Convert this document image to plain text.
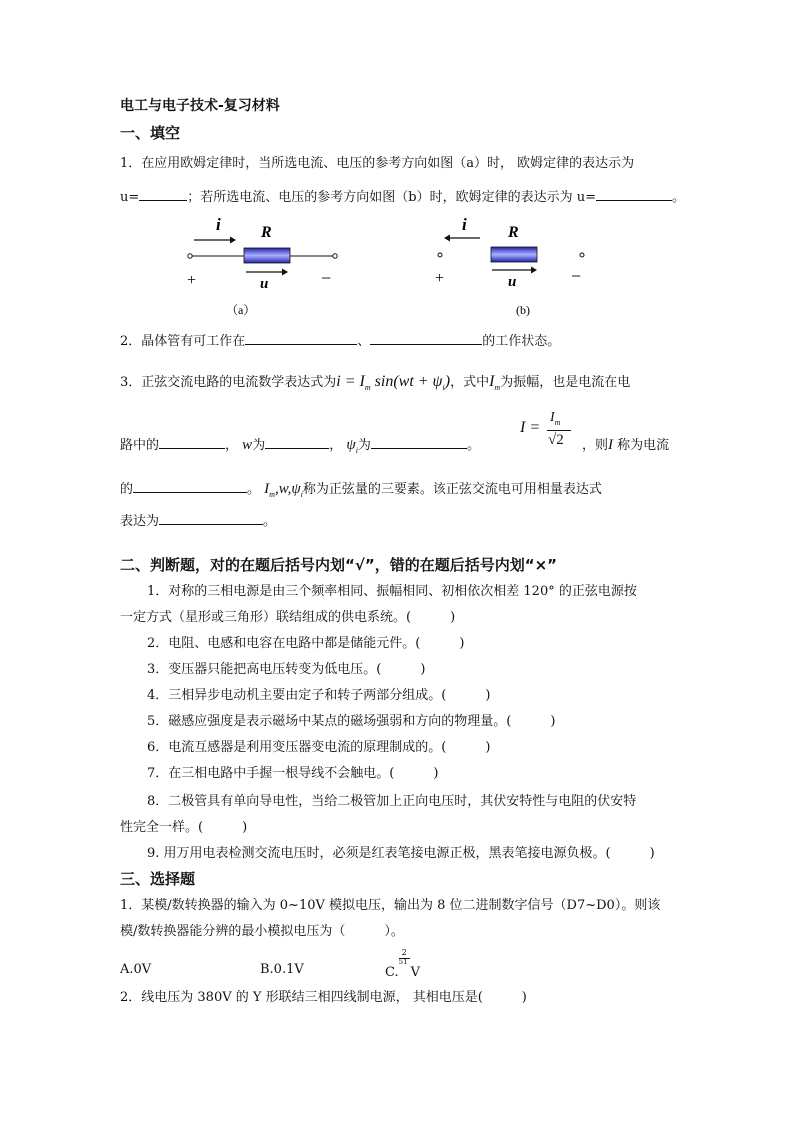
电工与电子技术-复习材料
一、填空
1．在应用欧姆定律时，当所选电流、电压的参考方向如图（a）时， 欧姆定律的表达示为
u=	；若所选电流、电压的参考方向如图（b）时，欧姆定律的表达示为 u=	。
i	R
+	u	−
（a）
i	R
+	u	−
(b)
2．晶体管有可工作在	、	的工作状态。
3．正弦交流电路的电流数学表达式为$i = I_m$ $\sin(wt + \psi_i)$，式中$I_m$为振幅，也是电流在电
I =
$I_m$
√2
路中的	， w为	， $\psi_i$为	。	，则I 称为电流
的	。 $I_m,w,\psi_i$称为正弦量的三要素。该正弦交流电可用相量表达式
表达为	。
二、判断题，对的在题后括号内划“√”，错的在题后括号内划“×”
1．对称的三相电源是由三个频率相同、振幅相同、初相依次相差 120° 的正弦电源按
一定方式（星形或三角形）联结组成的供电系统。(　　　)
2．电阻、电感和电容在电路中都是储能元件。(　　　)
3．变压器只能把高电压转变为低电压。(　　　)
4．三相异步电动机主要由定子和转子两部分组成。(　　　)
5．磁感应强度是表示磁场中某点的磁场强弱和方向的物理量。(　　　)
6．电流互感器是利用变压器变电流的原理制成的。(　　　)
7．在三相电路中手握一根导线不会触电。(　　　)
8．二极管具有单向导电性，当给二极管加上正向电压时，其伏安特性与电阻的伏安特
性完全一样。(　　　)
9. 用万用电表检测交流电压时，必须是红表笔接电源正极，黑表笔接电源负极。(　　　)
三、选择题
1．某模/数转换器的输入为 0~10V 模拟电压，输出为 8 位二进制数字信号（D7~D0）。则该
模/数转换器能分辨的最小模拟电压为（　　　）。
A.0V	B.0.1V	C. $\frac{2}{51}$ V
2．线电压为 380V 的 Y 形联结三相四线制电源， 其相电压是(　　　)
